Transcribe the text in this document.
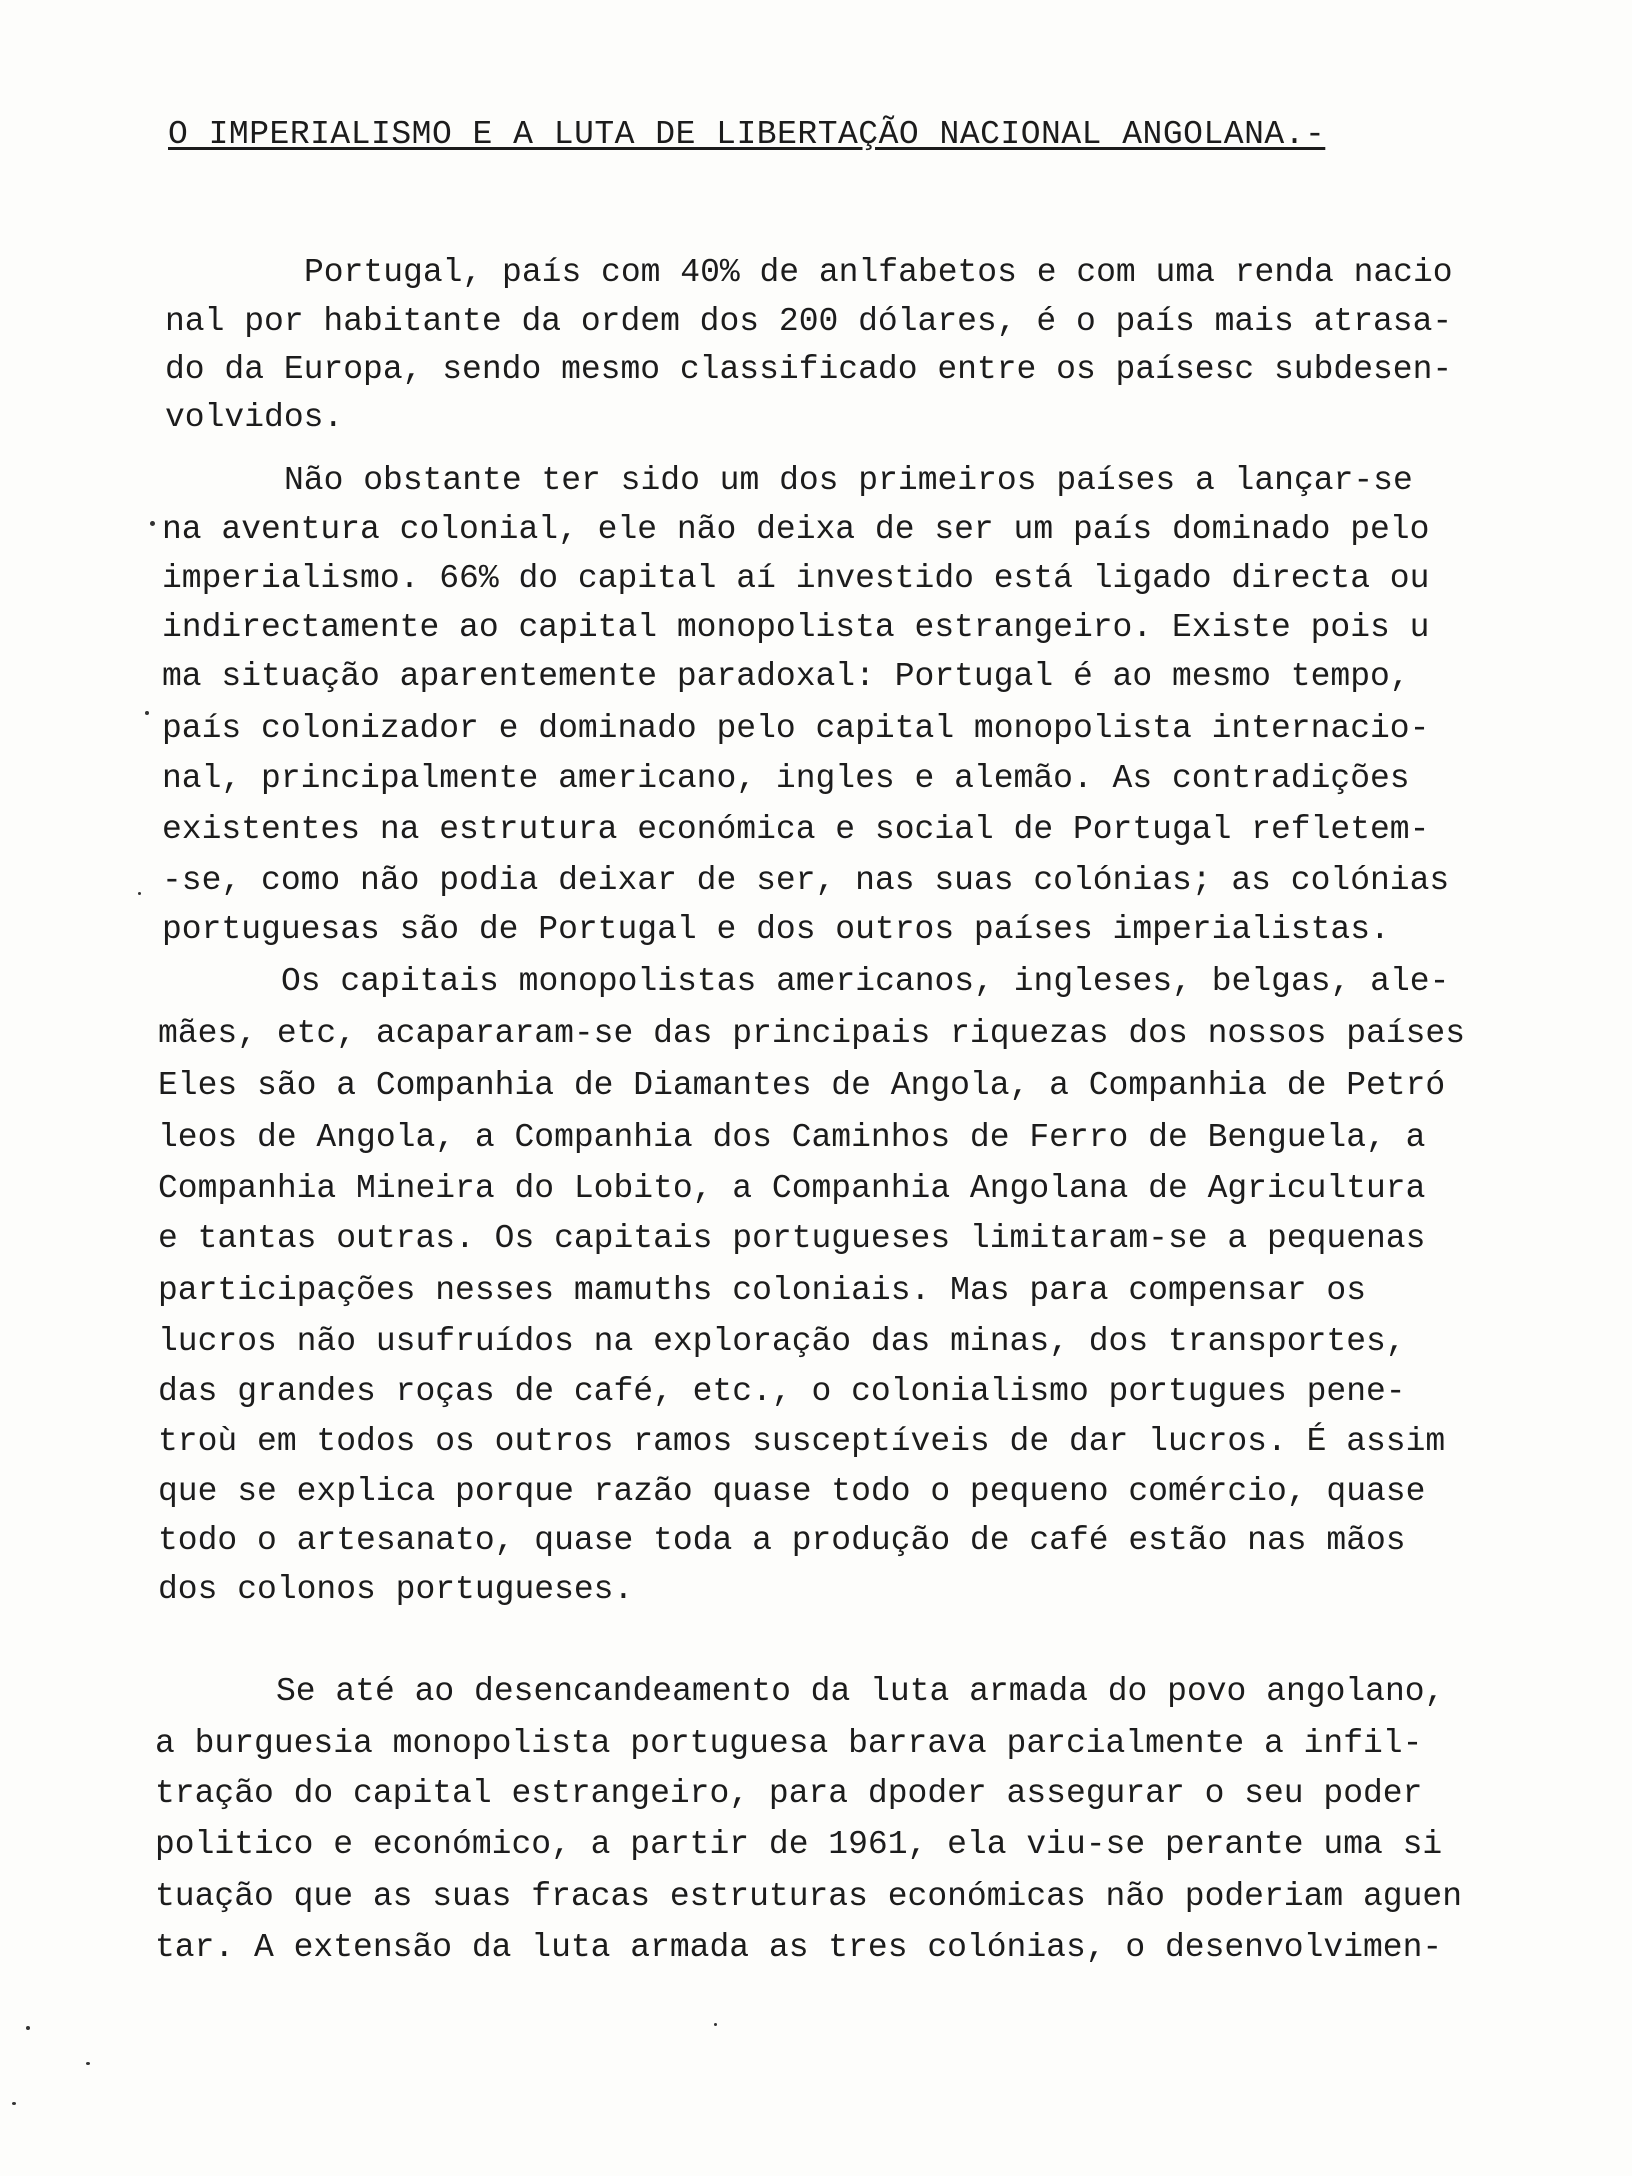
O IMPERIALISMO E A LUTA DE LIBERTAÇÃO NACIONAL ANGOLANA.-
Portugal, país com 40% de anlfabetos e com uma renda nacio
nal por habitante da ordem dos 200 dólares, é o país mais atrasa-
do da Europa, sendo mesmo classificado entre os paísesc subdesen-
volvidos.
Não obstante ter sido um dos primeiros países a lançar-se
na aventura colonial, ele não deixa de ser um país dominado pelo
imperialismo. 66% do capital aí investido está ligado directa ou
indirectamente ao capital monopolista estrangeiro. Existe pois u
ma situação aparentemente paradoxal: Portugal é ao mesmo tempo,
país colonizador e dominado pelo capital monopolista internacio-
nal, principalmente americano, ingles e alemão. As contradições
existentes na estrutura económica e social de Portugal refletem-
-se, como não podia deixar de ser, nas suas colónias; as colónias
portuguesas são de Portugal e dos outros países imperialistas.
Os capitais monopolistas americanos, ingleses, belgas, ale-
mães, etc, acapararam-se das principais riquezas dos nossos países
Eles são a Companhia de Diamantes de Angola, a Companhia de Petró
leos de Angola, a Companhia dos Caminhos de Ferro de Benguela, a
Companhia Mineira do Lobito, a Companhia Angolana de Agricultura
e tantas outras. Os capitais portugueses limitaram-se a pequenas
participações nesses mamuths coloniais. Mas para compensar os
lucros não usufruídos na exploração das minas, dos transportes,
das grandes roças de café, etc., o colonialismo portugues pene-
troù em todos os outros ramos susceptíveis de dar lucros. É assim
que se explica porque razão quase todo o pequeno comércio, quase
todo o artesanato, quase toda a produção de café estão nas mãos
dos colonos portugueses.
Se até ao desencandeamento da luta armada do povo angolano,
a burguesia monopolista portuguesa barrava parcialmente a infil-
tração do capital estrangeiro, para dpoder assegurar o seu poder
politico e económico, a partir de 1961, ela viu-se perante uma si
tuação que as suas fracas estruturas económicas não poderiam aguen
tar. A extensão da luta armada as tres colónias, o desenvolvimen-
